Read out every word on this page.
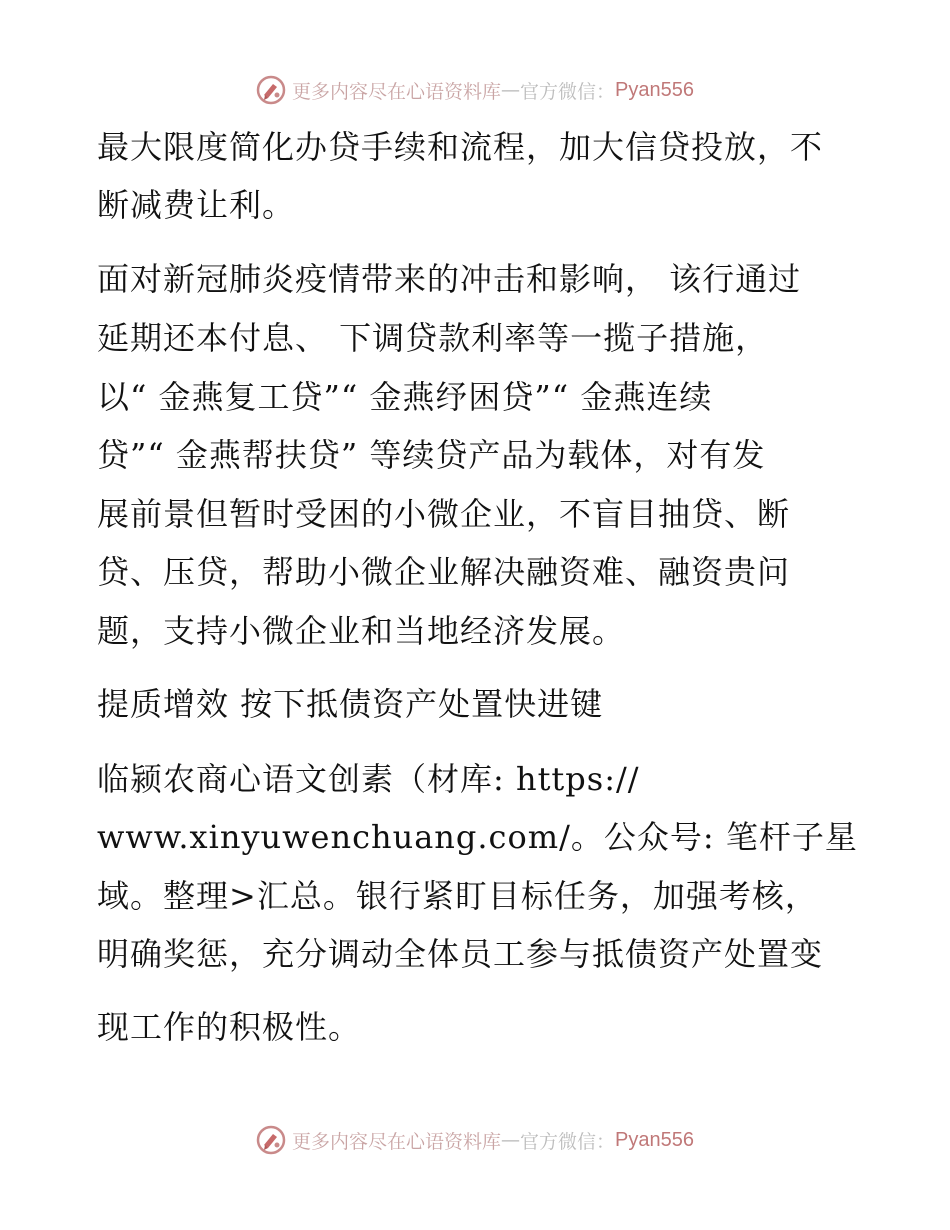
更多内容尽在心语资料库 — 官方微信： Pyan556
最大限度简化办贷手续和流程，加大信贷投放，不
断减费让利。
面对新冠肺炎疫情带来的冲击和影响， 该行通过
延期还本付息、 下调贷款利率等一揽子措施，
以“ 金燕复工贷”“ 金燕纾困贷”“ 金燕连续
贷”“ 金燕帮扶贷” 等续贷产品为载体，对有发
展前景但暂时受困的小微企业，不盲目抽贷、断
贷、压贷，帮助小微企业解决融资难、融资贵问
题，支持小微企业和当地经济发展。
提质增效 按下抵债资产处置快进键
临颍农商心语文创素（材库: https://
www.xinyuwenchuang.com/。公众号: 笔杆子星
域。整理>汇总。银行紧盯目标任务，加强考核，
明确奖惩，充分调动全体员工参与抵债资产处置变
现工作的积极性。
更多内容尽在心语资料库 — 官方微信： Pyan556
